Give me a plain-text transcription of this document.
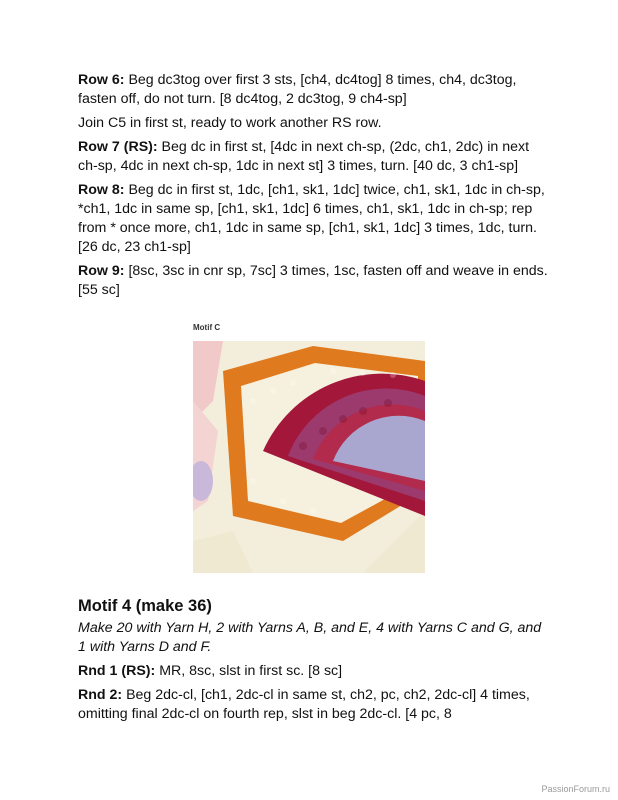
Row 6: Beg dc3tog over first 3 sts, [ch4, dc4tog] 8 times, ch4, dc3tog, fasten off, do not turn. [8 dc4tog, 2 dc3tog, 9 ch4-sp]

Join C5 in first st, ready to work another RS row.

Row 7 (RS): Beg dc in first st, [4dc in next ch-sp, (2dc, ch1, 2dc) in next ch-sp, 4dc in next ch-sp, 1dc in next st] 3 times, turn. [40 dc, 3 ch1-sp]

Row 8: Beg dc in first st, 1dc, [ch1, sk1, 1dc] twice, ch1, sk1, 1dc in ch-sp, *ch1, 1dc in same sp, [ch1, sk1, 1dc] 6 times, ch1, sk1, 1dc in ch-sp; rep from * once more, ch1, 1dc in same sp, [ch1, sk1, 1dc] 3 times, 1dc, turn. [26 dc, 23 ch1-sp]

Row 9: [8sc, 3sc in cnr sp, 7sc] 3 times, 1sc, fasten off and weave in ends. [55 sc]

Motif C
Motif 4 (make 36)

Make 20 with Yarn H, 2 with Yarns A, B, and E, 4 with Yarns C and G, and 1 with Yarns D and F.

Rnd 1 (RS): MR, 8sc, slst in first sc. [8 sc]

Rnd 2: Beg 2dc-cl, [ch1, 2dc-cl in same st, ch2, pc, ch2, 2dc-cl] 4 times, omitting final 2dc-cl on fourth rep, slst in beg 2dc-cl. [4 pc, 8

PassionForum.ru
